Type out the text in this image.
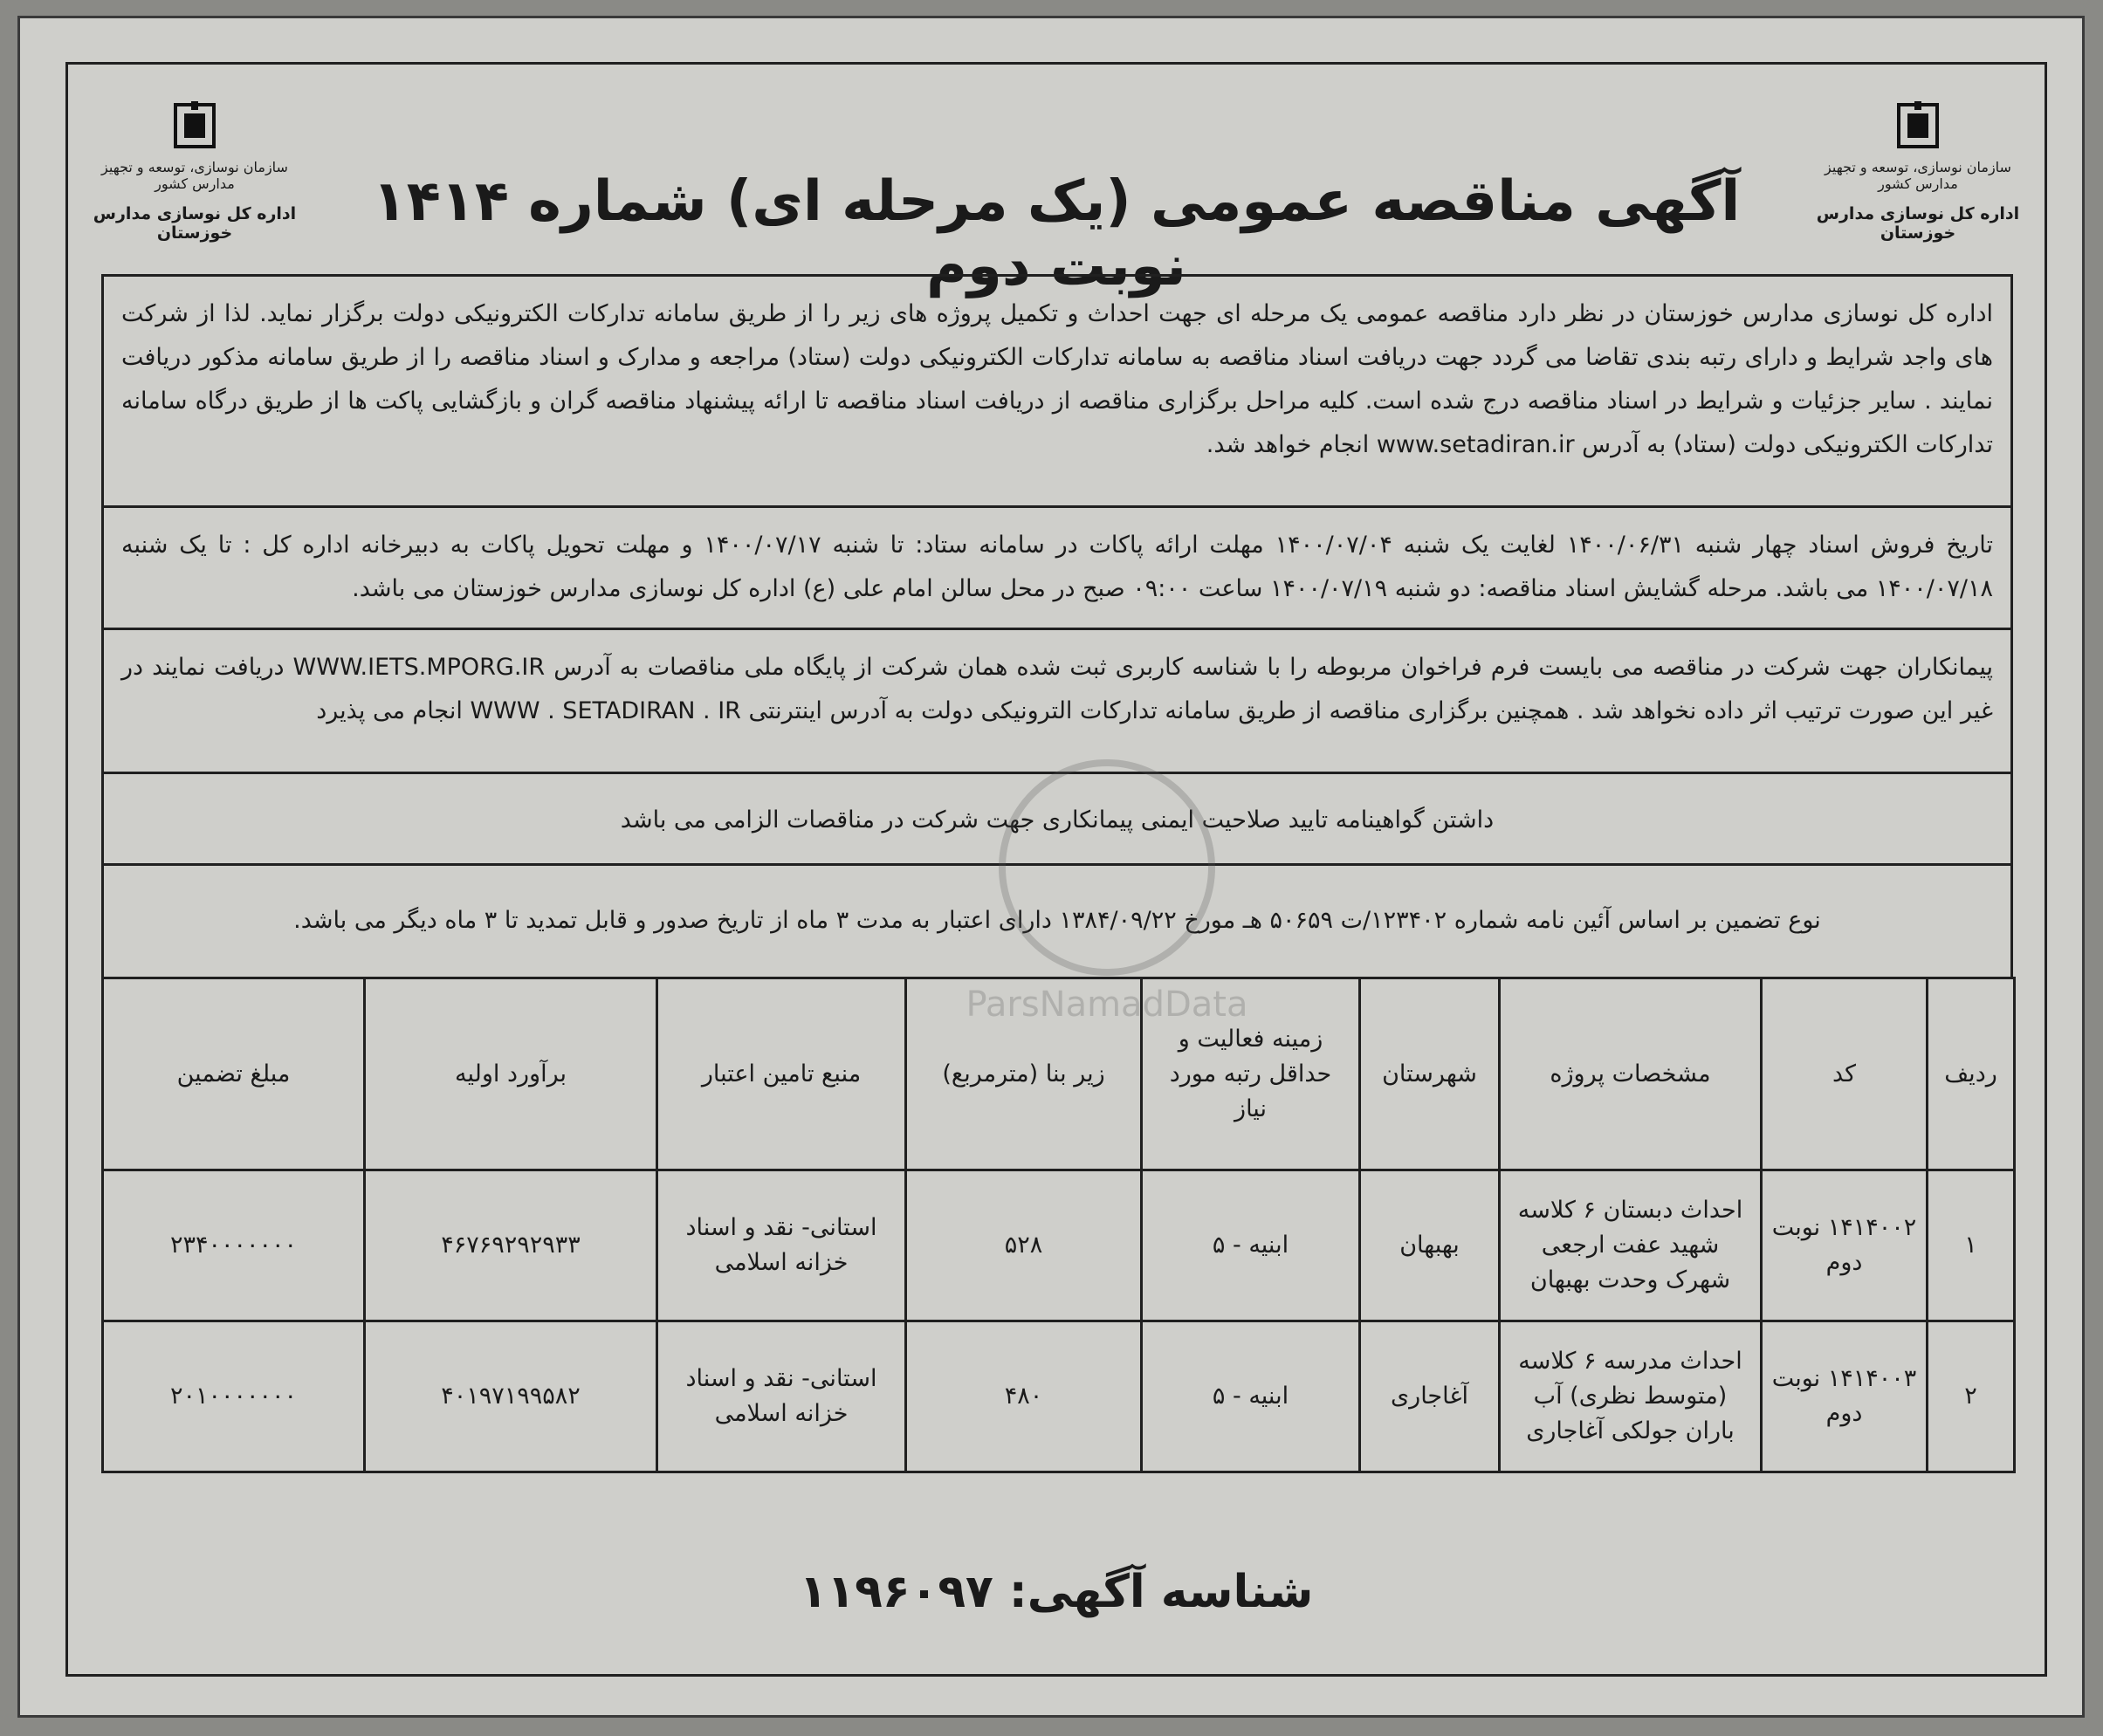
سازمان نوسازی، توسعه و تجهیز مدارس کشور
اداره کل نوسازی مدارس خوزستان
سازمان نوسازی، توسعه و تجهیز مدارس کشور
اداره کل نوسازی مدارس خوزستان	آگهی مناقصه عمومی (یک مرحله ای) شماره ۱۴۱۴ نوبت دوم
اداره کل نوسازی مدارس خوزستان در نظر دارد مناقصه عمومی یک مرحله ای جهت احداث و تکمیل پروژه های زیر را از طریق سامانه تدارکات الکترونیکی دولت برگزار نماید. لذا از شرکت های واجد شرایط و دارای رتبه بندی تقاضا می گردد جهت دریافت اسناد مناقصه به سامانه تدارکات الکترونیکی دولت (ستاد) مراجعه و مدارک و اسناد مناقصه را از طریق سامانه مذکور دریافت نمایند . سایر جزئیات و شرایط در اسناد مناقصه درج شده است. کلیه مراحل برگزاری مناقصه از دریافت اسناد مناقصه تا ارائه پیشنهاد مناقصه گران و بازگشایی پاکت ها از طریق درگاه سامانه تدارکات الکترونیکی دولت (ستاد) به آدرس www.setadiran.ir انجام خواهد شد.
تاریخ فروش اسناد چهار شنبه ۱۴۰۰/۰۶/۳۱ لغایت یک شنبه ۱۴۰۰/۰۷/۰۴ مهلت ارائه پاکات در سامانه ستاد: تا شنبه ۱۴۰۰/۰۷/۱۷ و مهلت تحویل پاکات به دبیرخانه اداره کل : تا یک شنبه ۱۴۰۰/۰۷/۱۸ می باشد. مرحله گشایش اسناد مناقصه: دو شنبه ۱۴۰۰/۰۷/۱۹ ساعت ۰۹:۰۰ صبح در محل سالن امام علی (ع) اداره کل نوسازی مدارس خوزستان می باشد.
پیمانکاران جهت شرکت در مناقصه می بایست فرم فراخوان مربوطه را با شناسه کاربری ثبت شده همان شرکت از پایگاه ملی مناقصات به آدرس WWW.IETS.MPORG.IR دریافت نمایند در غیر این صورت ترتیب اثر داده نخواهد شد . همچنین برگزاری مناقصه از طریق سامانه تدارکات الترونیکی دولت به آدرس اینترنتی WWW . SETADIRAN . IR انجام می پذیرد
داشتن گواهینامه تایید صلاحیت ایمنی پیمانکاری جهت شرکت در مناقصات الزامی می باشد
نوع تضمین بر اساس آئین نامه شماره ۱۲۳۴۰۲/ت ۵۰۶۵۹ هـ مورخ ۱۳۸۴/۰۹/۲۲ دارای اعتبار به مدت ۳ ماه از تاریخ صدور و قابل تمدید تا ۳ ماه دیگر می باشد.
ردیف	کد	مشخصات پروژه	شهرستان	زمینه فعالیت و حداقل رتبه مورد نیاز	زیر بنا (مترمربع)	منبع تامین اعتبار	برآورد اولیه	مبلغ تضمین
۱	۱۴۱۴۰۰۲ نوبت دوم	احداث دبستان ۶ کلاسه شهید عفت ارجعی شهرک وحدت بهبهان	بهبهان	ابنیه - ۵	۵۲۸	استانی- نقد و اسناد خزانه اسلامی	۴۶۷۶۹۲۹۲۹۳۳	۲۳۴۰۰۰۰۰۰۰
۲	۱۴۱۴۰۰۳ نوبت دوم	احداث مدرسه ۶ کلاسه (متوسط نظری) آب باران جولکی آغاجاری	آغاجاری	ابنیه - ۵	۴۸۰	استانی- نقد و اسناد خزانه اسلامی	۴۰۱۹۷۱۹۹۵۸۲	۲۰۱۰۰۰۰۰۰۰
شناسه آگهی: ۱۱۹۶۰۹۷
ParsNamadData
